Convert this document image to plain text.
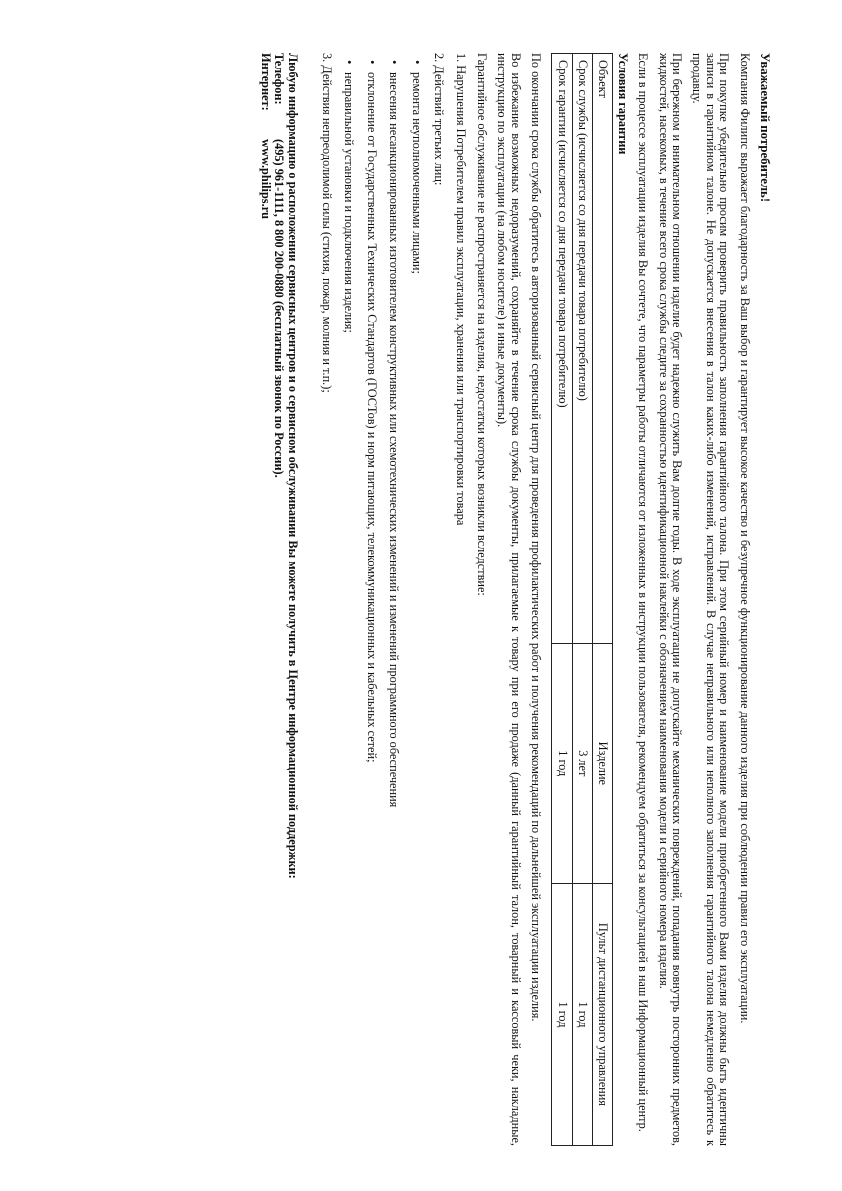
Уважаемый потребитель!

Компания Филипс выражает благодарность за Ваш выбор и гарантирует высокое качество и безупречное функционирование данного изделия при соблюдении правил его эксплуатации.

При покупке убедительно просим проверить правильность заполнения гарантийного талона. При этом серийный номер и наименование модели приобретенного Вами изделия должны быть идентичны записи в гарантийном талоне. Не допускается внесения в талон каких-либо изменений, исправлений. В случае неправильного или неполного заполнения гарантийного талона немедленно обратитесь к продавцу.

При бережном и внимательном отношении изделие будет надежно служить Вам долгие годы. В ходе эксплуатации не допускайте механических повреждений, попадания вовнутрь посторонних предметов, жидкостей, насекомых, в течение всего срока службы следите за сохранностью идентификационной наклейки с обозначением наименования модели и серийного номера изделия.

Если в процессе эксплуатации изделия Вы сочтете, что параметры работы отличаются от изложенных в инструкции пользователя, рекомендуем обратиться за консультацией в наш Информационный центр.

Условия гарантии
Объект	Изделие	Пульт дистанционного управления
Срок службы (исчисляется со дня передачи товара потребителю)	3 лет	1 год
Срок гарантии (исчисляется со дня передачи товара потребителю)	1 год	1 год

По окончании срока службы обратитесь в авторизованный сервисный центр для проведения профилактических работ и получения рекомендаций по дальнейшей эксплуатации изделия.

Во избежание возможных недоразумений, сохраняйте в течение срока службы документы, прилагаемые к товару при его продаже (данный гарантийный талон, товарный и кассовый чеки, накладные, инструкцию по эксплуатации (на любом носителе) и иные документы).

Гарантийное обслуживание не распространяется на изделия, недостатки которых возникли вследствие:

1. Нарушения Потребителем правил эксплуатации, хранения или транспортировки товара
2. Действий третьих лиц:
• ремонта неуполномоченными лицами;
• внесения несанкционированных изготовителем конструктивных или схемотехнических изменений и изменений программного обеспечения
• отклонение от Государственных Технических Стандартов (ГОСТов) и норм питающих, телекоммуникационных и кабельных сетей;
• неправильной установки и подключения изделия;
3. Действия непреодолимой силы (стихия, пожар, молния и т.п.);
Любую информацию о расположении сервисных центров и о сервисном обслуживании Вы можете получить в Центре информационной поддержки:
Телефон:(495) 961-1111, 8 800 200-0880 (бесплатный звонок по России).
Интернет:www.philips.ru
